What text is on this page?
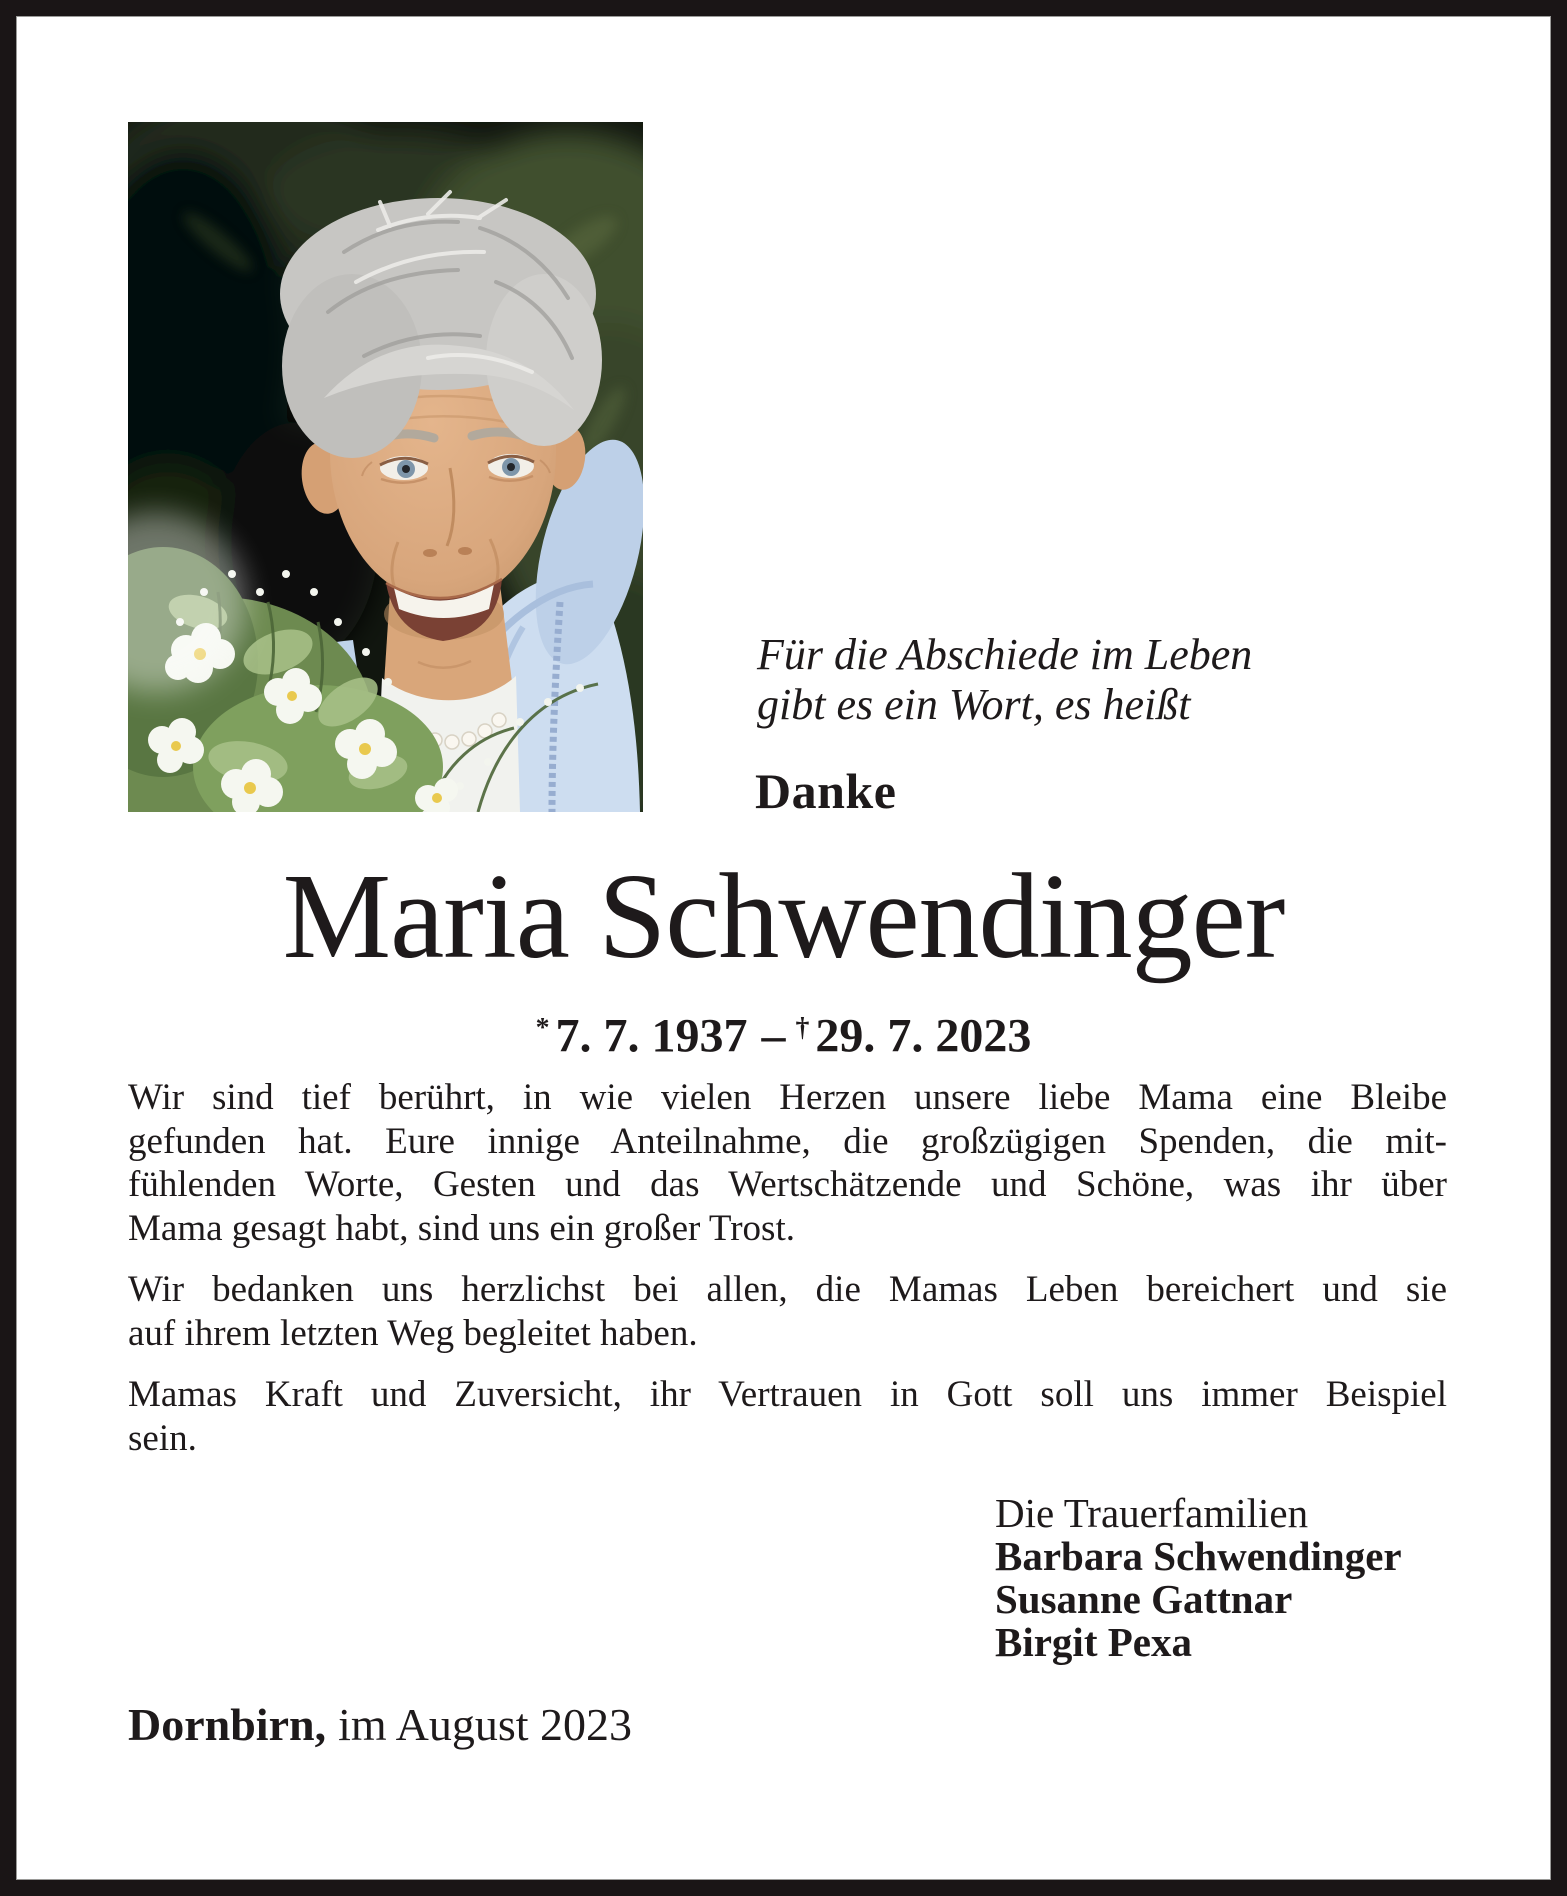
Für die Abschiede im Leben
gibt es ein Wort, es heißt
Danke
Maria Schwendinger
* 7. 7. 1937 – † 29. 7. 2023
Wir sind tief berührt, in wie vielen Herzen unsere liebe Mama eine Bleibe
gefunden hat. Eure innige Anteilnahme, die großzügigen Spenden, die mit-
fühlenden Worte, Gesten und das Wertschätzende und Schöne, was ihr über
Mama gesagt habt, sind uns ein großer Trost.
Wir bedanken uns herzlichst bei allen, die Mamas Leben bereichert und sie
auf ihrem letzten Weg begleitet haben.
Mamas Kraft und Zuversicht, ihr Vertrauen in Gott soll uns immer Beispiel
sein.
Die Trauerfamilien
Barbara Schwendinger
Susanne Gattnar
Birgit Pexa
Dornbirn, im August 2023
